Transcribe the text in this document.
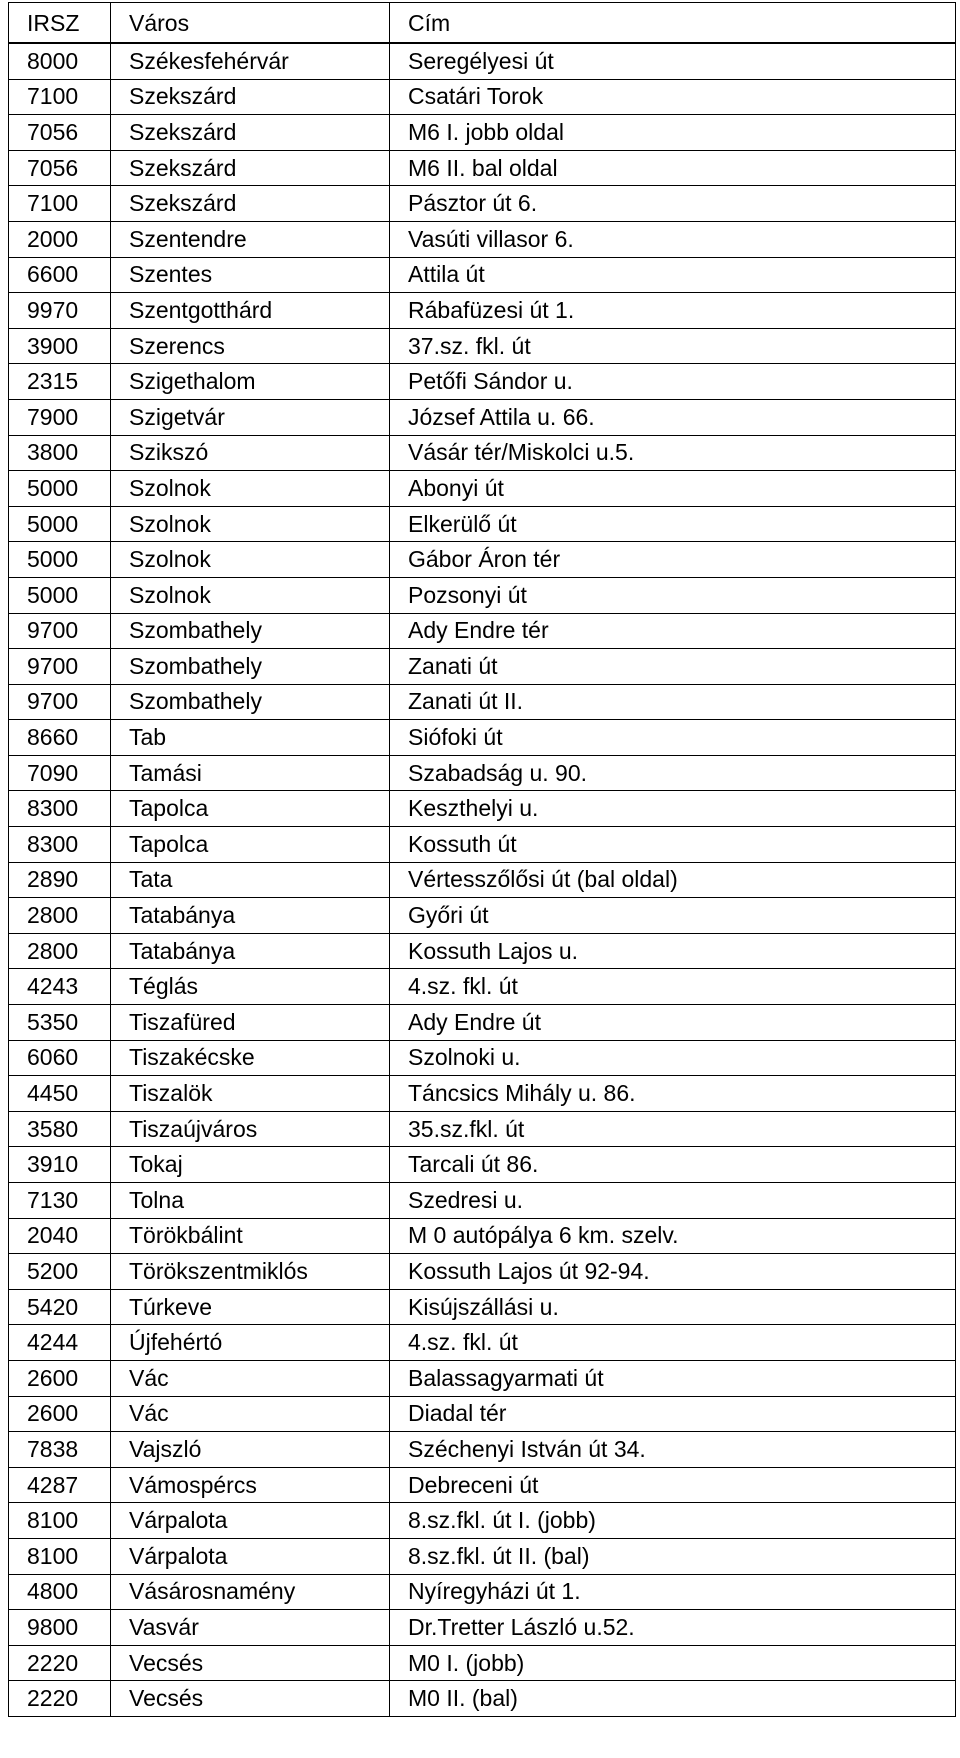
IRSZ	Város	Cím
8000	Székesfehérvár	Seregélyesi út
7100	Szekszárd	Csatári Torok
7056	Szekszárd	M6 I. jobb oldal
7056	Szekszárd	M6 II. bal oldal
7100	Szekszárd	Pásztor út 6.
2000	Szentendre	Vasúti villasor 6.
6600	Szentes	Attila út
9970	Szentgotthárd	Rábafüzesi út 1.
3900	Szerencs	37.sz. fkl. út
2315	Szigethalom	Petőfi Sándor u.
7900	Szigetvár	József Attila u. 66.
3800	Szikszó	Vásár tér/Miskolci u.5.
5000	Szolnok	Abonyi út
5000	Szolnok	Elkerülő út
5000	Szolnok	Gábor Áron tér
5000	Szolnok	Pozsonyi út
9700	Szombathely	Ady Endre tér
9700	Szombathely	Zanati út
9700	Szombathely	Zanati út II.
8660	Tab	Siófoki út
7090	Tamási	Szabadság u. 90.
8300	Tapolca	Keszthelyi u.
8300	Tapolca	Kossuth út
2890	Tata	Vértesszőlősi út (bal oldal)
2800	Tatabánya	Győri út
2800	Tatabánya	Kossuth Lajos u.
4243	Téglás	4.sz. fkl. út
5350	Tiszafüred	Ady Endre út
6060	Tiszakécske	Szolnoki u.
4450	Tiszalök	Táncsics Mihály u. 86.
3580	Tiszaújváros	35.sz.fkl. út
3910	Tokaj	Tarcali út 86.
7130	Tolna	Szedresi u.
2040	Törökbálint	M 0 autópálya 6 km. szelv.
5200	Törökszentmiklós	Kossuth Lajos út 92-94.
5420	Túrkeve	Kisújszállási u.
4244	Újfehértó	4.sz. fkl. út
2600	Vác	Balassagyarmati út
2600	Vác	Diadal tér
7838	Vajszló	Széchenyi István út 34.
4287	Vámospércs	Debreceni út
8100	Várpalota	8.sz.fkl. út I. (jobb)
8100	Várpalota	8.sz.fkl. út II. (bal)
4800	Vásárosnamény	Nyíregyházi út 1.
9800	Vasvár	Dr.Tretter László u.52.
2220	Vecsés	M0 I. (jobb)
2220	Vecsés	M0 II. (bal)
